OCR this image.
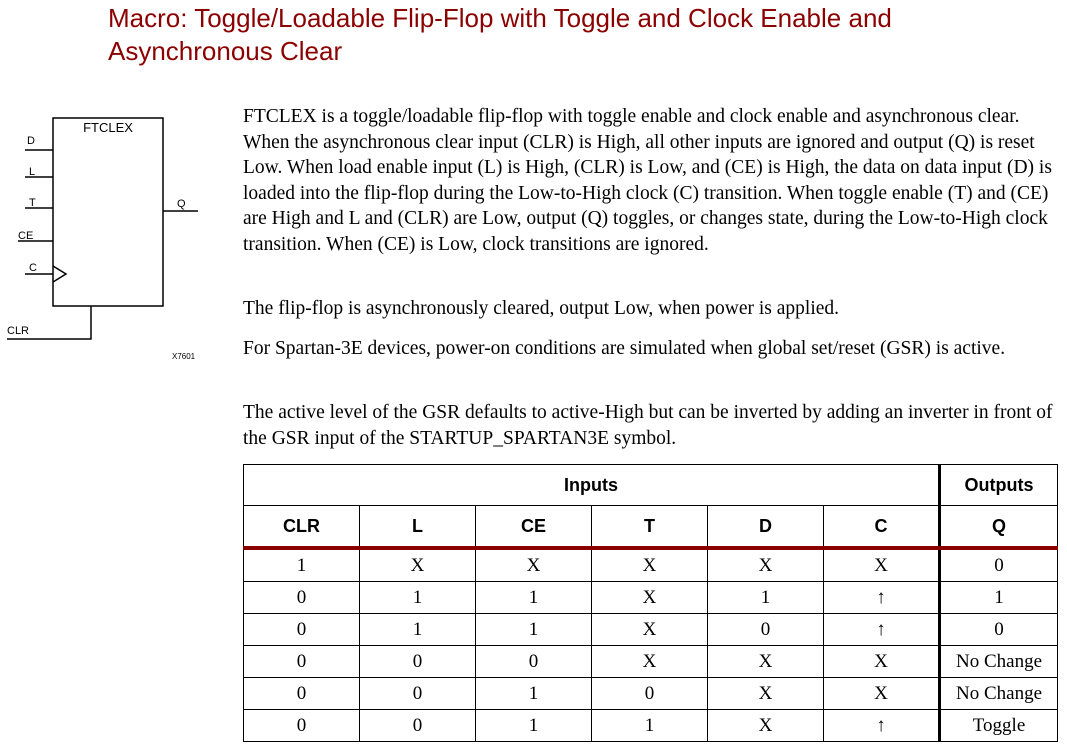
Macro: Toggle/Loadable Flip-Flop with Toggle and Clock Enable and Asynchronous Clear
FTCLEX
D
L
T
CE
C
Q
CLR
X7601

FTCLEX is a toggle/loadable flip-flop with toggle enable and clock enable and asynchronous clear. When the asynchronous clear input (CLR) is High, all other inputs are ignored and output (Q) is reset Low. When load enable input (L) is High, (CLR) is Low, and (CE) is High, the data on data input (D) is loaded into the flip-flop during the Low-to-High clock (C) transition. When toggle enable (T) and (CE) are High and L and (CLR) are Low, output (Q) toggles, or changes state, during the Low-to-High clock transition. When (CE) is Low, clock transitions are ignored.

The flip-flop is asynchronously cleared, output Low, when power is applied.

For Spartan-3E devices, power-on conditions are simulated when global set/reset (GSR) is active.

The active level of the GSR defaults to active-High but can be inverted by adding an inverter in front of the GSR input of the STARTUP_SPARTAN3E symbol.

Inputs						Outputs
CLR	L	CE	T	D	C	Q
1	X	X	X	X	X	0
0	1	1	X	1	↑	1
0	1	1	X	0	↑	0
0	0	0	X	X	X	No Change
0	0	1	0	X	X	No Change
0	0	1	1	X	↑	Toggle
